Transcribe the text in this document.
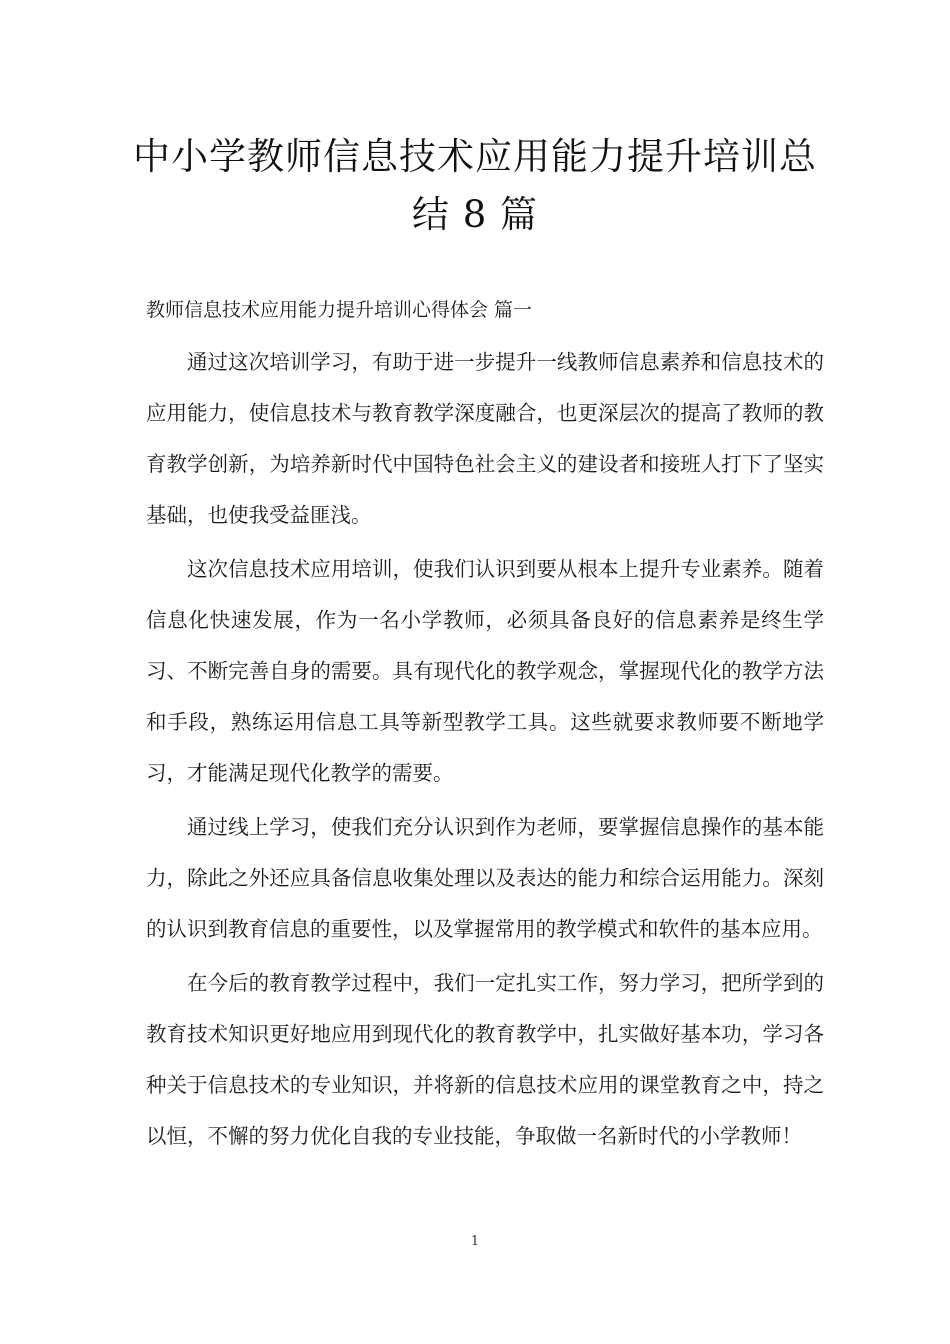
中小学教师信息技术应用能力提升培训总
结 8 篇
教师信息技术应用能力提升培训心得体会 篇一

通过这次培训学习，有助于进一步提升一线教师信息素养和信息技术的应用能力，使信息技术与教育教学深度融合，也更深层次的提高了教师的教育教学创新，为培养新时代中国特色社会主义的建设者和接班人打下了坚实基础，也使我受益匪浅。

这次信息技术应用培训，使我们认识到要从根本上提升专业素养。随着信息化快速发展，作为一名小学教师，必须具备良好的信息素养是终生学习、不断完善自身的需要。具有现代化的教学观念，掌握现代化的教学方法和手段，熟练运用信息工具等新型教学工具。这些就要求教师要不断地学习，才能满足现代化教学的需要。

通过线上学习，使我们充分认识到作为老师，要掌握信息操作的基本能力，除此之外还应具备信息收集处理以及表达的能力和综合运用能力。深刻的认识到教育信息的重要性，以及掌握常用的教学模式和软件的基本应用。

在今后的教育教学过程中，我们一定扎实工作，努力学习，把所学到的教育技术知识更好地应用到现代化的教育教学中，扎实做好基本功，学习各种关于信息技术的专业知识，并将新的信息技术应用的课堂教育之中，持之以恒，不懈的努力优化自我的专业技能，争取做一名新时代的小学教师！

1
